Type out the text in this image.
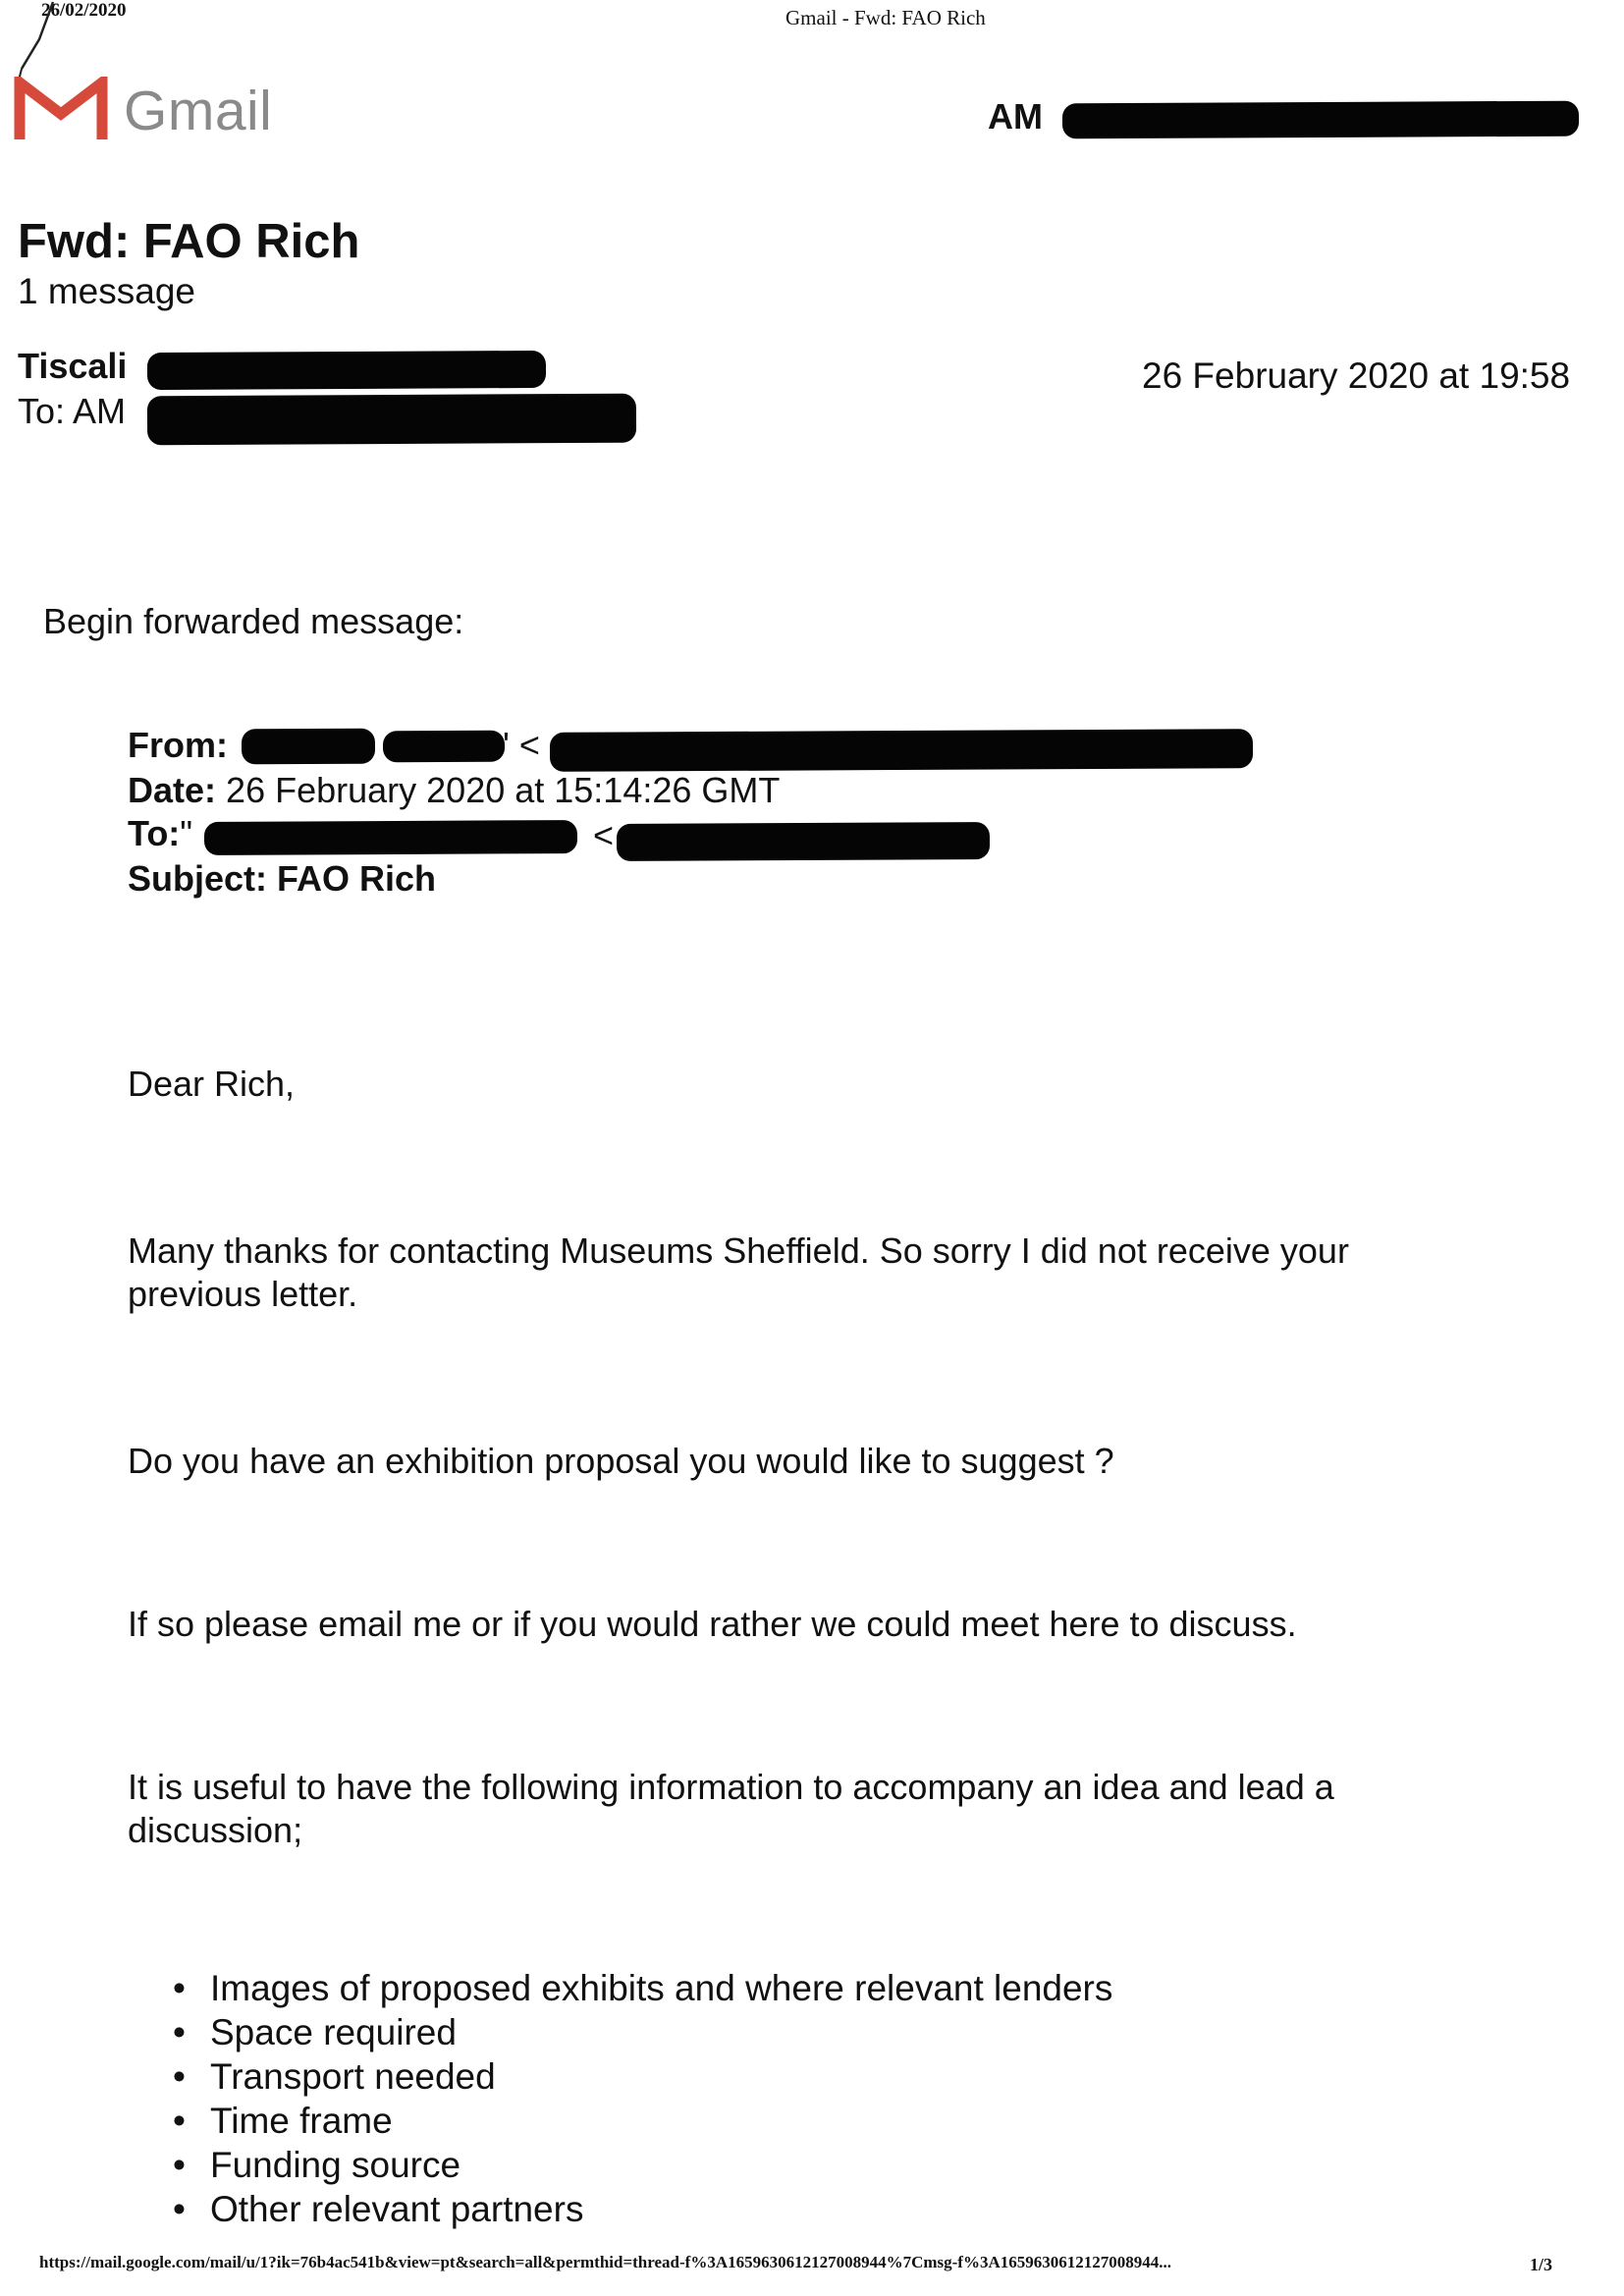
26/02/2020	Gmail - Fwd: FAO Rich
Gmail	AM
Fwd: FAO Rich
1 message
Tiscali
To: AM
26 February 2020 at 19:58
Begin forwarded message:
From:	' <
Date: 26 February 2020 at 15:14:26 GMT
To:"	<
Subject: FAO Rich
Dear Rich,
Many thanks for contacting Museums Sheffield. So sorry I did not receive your previous letter.
Do you have an exhibition proposal you would like to suggest ?
If so please email me or if you would rather we could meet here to discuss.
It is useful to have the following information to accompany an idea and lead a discussion;
• Images of proposed exhibits and where relevant lenders
• Space required
• Transport needed
• Time frame
• Funding source
• Other relevant partners
https://mail.google.com/mail/u/1?ik=76b4ac541b&view=pt&search=all&permthid=thread-f%3A1659630612127008944%7Cmsg-f%3A1659630612127008944...	1/3
